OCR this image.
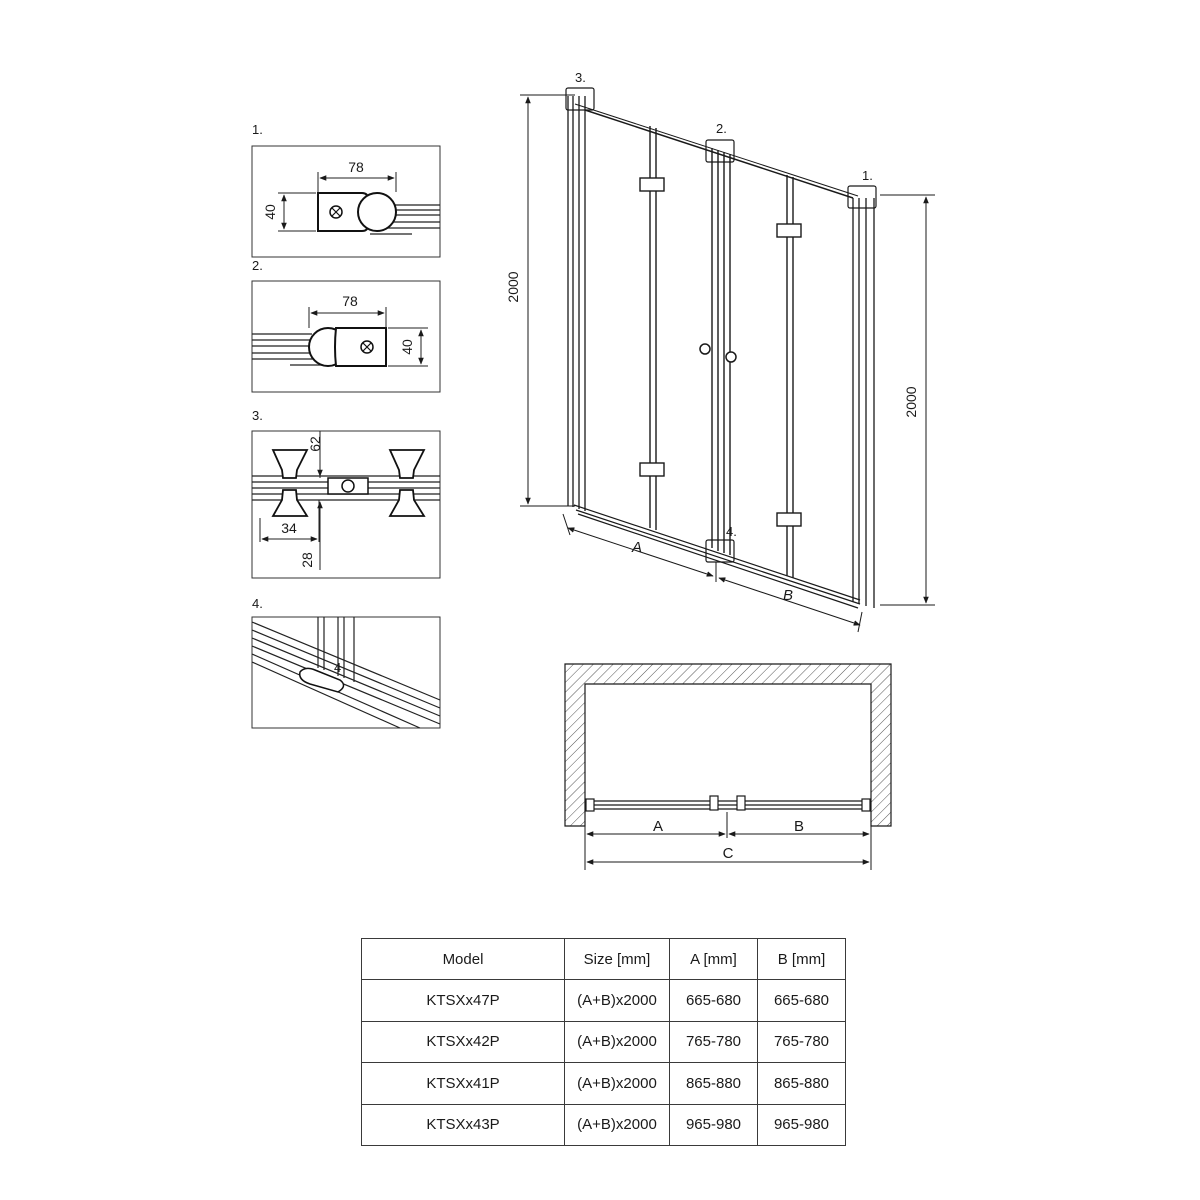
1.
78
40
2.
78
40
3.
62
34
28
4.
4
3.
2.
1.
4.
2000
2000
A
B
A	B
C
Model	Size [mm]	A [mm]	B [mm]
KTSXx47P	(A+B)x2000	665-680	665-680
KTSXx42P	(A+B)x2000	765-780	765-780
KTSXx41P	(A+B)x2000	865-880	865-880
KTSXx43P	(A+B)x2000	965-980	965-980
